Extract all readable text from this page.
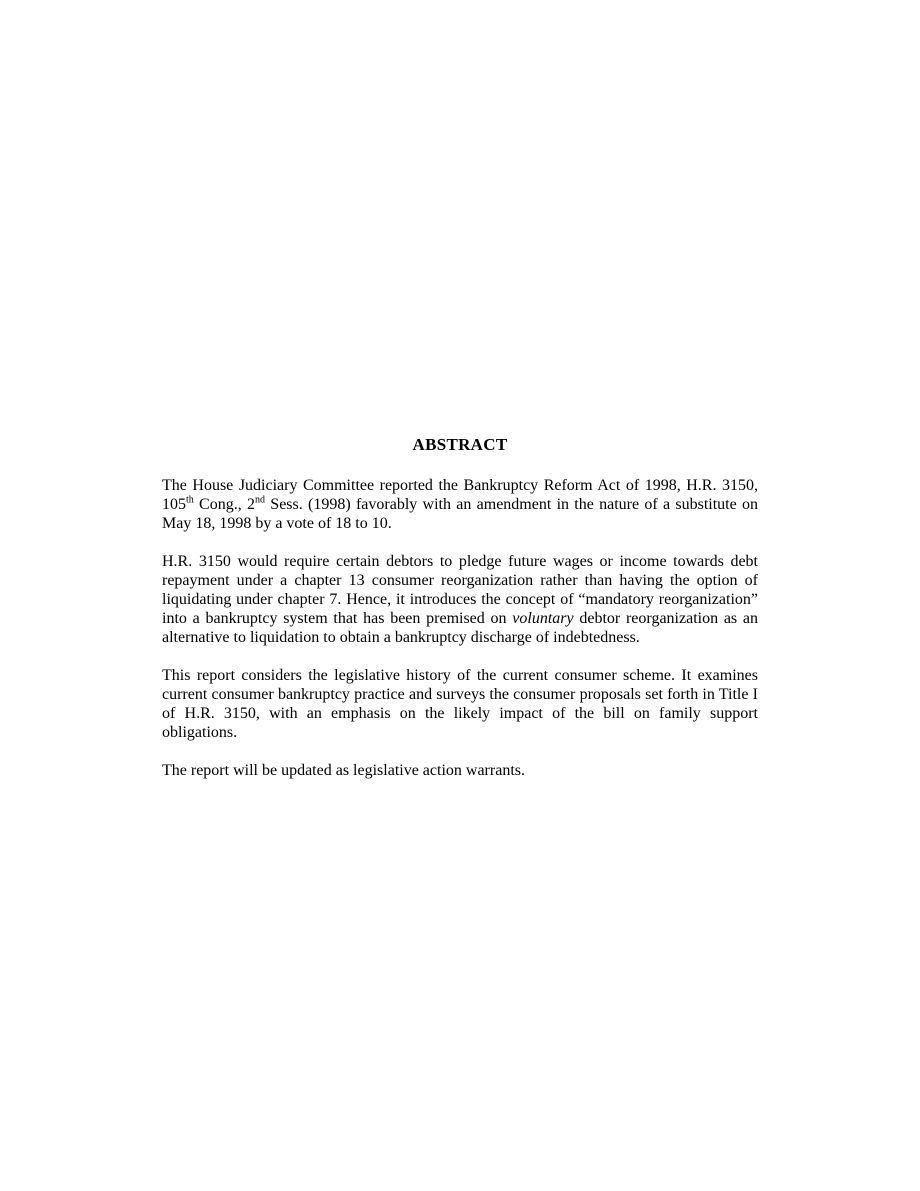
ABSTRACT

The House Judiciary Committee reported the Bankruptcy Reform Act of 1998, H.R. 3150, 105th Cong., 2nd Sess. (1998) favorably with an amendment in the nature of a substitute on May 18, 1998 by a vote of 18 to 10.

H.R. 3150 would require certain debtors to pledge future wages or income towards debt repayment under a chapter 13 consumer reorganization rather than having the option of liquidating under chapter 7. Hence, it introduces the concept of “mandatory reorganization” into a bankruptcy system that has been premised on voluntary debtor reorganization as an alternative to liquidation to obtain a bankruptcy discharge of indebtedness.

This report considers the legislative history of the current consumer scheme. It examines current consumer bankruptcy practice and surveys the consumer proposals set forth in Title I of H.R. 3150, with an emphasis on the likely impact of the bill on family support obligations.

The report will be updated as legislative action warrants.
